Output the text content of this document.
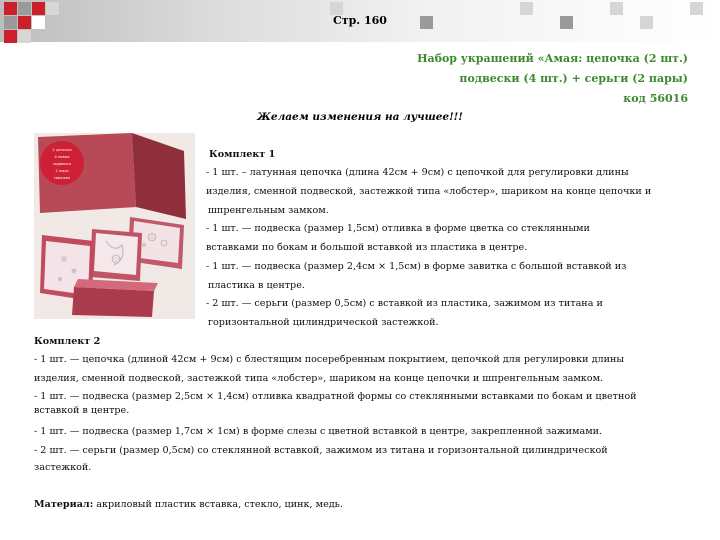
Стр. 160
Набор украшений «Амая: цепочка (2 шт.)
подвески (4 шт.) + серьги (2 пары)
код 56016
Желаем изменения на лучшее!!!
2 цепочки
4 новых
подвески
2 пары
сережек
Комплект 1
- 1 шт. – латунная цепочка (длина 42см + 9см) с цепочкой для регулировки длины
изделия, сменной подвеской, застежкой типа «лобстер», шариком на конце цепочки и
шпренгельным замком.
- 1 шт. — подвеска (размер 1,5см) отливка в форме цветка со стеклянными
вставками по бокам и большой вставкой из пластика в центре.
- 1 шт. — подвеска (размер 2,4см × 1,5см) в форме завитка с большой вставкой из
пластика в центре.
- 2 шт. — серьги (размер 0,5см) с вставкой из пластика, зажимом из титана и
горизонтальной цилиндрической застежкой.
Комплект 2
- 1 шт. — цепочка (длиной 42см + 9см) с блестящим посеребренным покрытием, цепочкой для регулировки длины
изделия, сменной подвеской, застежкой типа «лобстер», шариком на конце цепочки и шпренгельным замком.
- 1 шт. — подвеска (размер 2,5см × 1,4см) отливка квадратной формы со стеклянными вставками по бокам и цветной
вставкой в центре.
- 1 шт. — подвеска (размер 1,7см × 1см) в форме слезы с цветной вставкой в центре, закрепленной зажимами.
- 2 шт. — серьги (размер 0,5см) со стеклянной вставкой, зажимом из титана и горизонтальной цилиндрической
застежкой.
Материал: акриловый пластик вставка, стекло, цинк, медь.
